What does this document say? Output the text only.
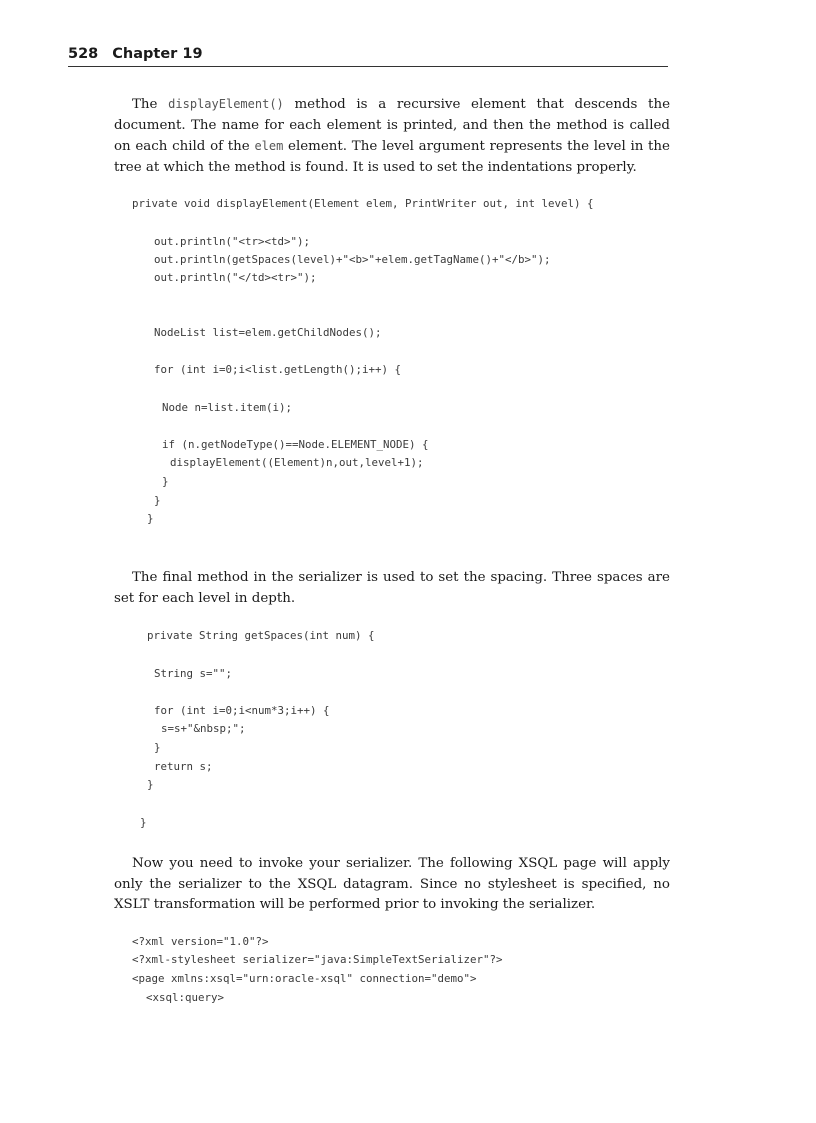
528 Chapter 19

The displayElement() method is a recursive element that descends the document. The name for each element is printed, and then the method is called on each child of the elem element. The level argument represents the level in the tree at which the method is found. It is used to set the indentations properly.

private void displayElement(Element elem, PrintWriter out, int level) {

out.println("<tr><td>");

out.println(getSpaces(level)+"<b>"+elem.getTagName()+"</b>");

out.println("</td><tr>");

NodeList list=elem.getChildNodes();

for (int i=0;i<list.getLength();i++) {

Node n=list.item(i);

if (n.getNodeType()==Node.ELEMENT_NODE) {

displayElement((Element)n,out,level+1);

}

}

}

The final method in the serializer is used to set the spacing. Three spaces are set for each level in depth.

private String getSpaces(int num) {

String s="";

for (int i=0;i<num*3;i++) {

s=s+"&nbsp;";

}

return s;

}

}

Now you need to invoke your serializer. The following XSQL page will apply only the serializer to the XSQL datagram. Since no stylesheet is specified, no XSLT transformation will be performed prior to invoking the serializer.

<?xml version="1.0"?>

<?xml-stylesheet serializer="java:SimpleTextSerializer"?>

<page xmlns:xsql="urn:oracle-xsql" connection="demo">

<xsql:query>
